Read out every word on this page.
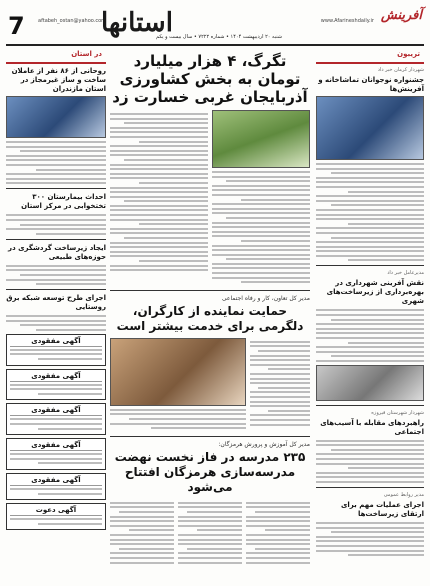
7	aftabeh_ostan@yahoo.com
استانها	www.Afarineshdaily.ir آفرینش
شنبه ۲۰ اردیبهشت ۱۴۰۴ • شماره ۷۲۲۲ • سال بیست و یکم
تریبون
شهردار کرمان خبر داد
جشنواره نوجوانان تماشاخانه و آفرینش‌ها
مدیرعامل خبر داد
نقش آفرینی شهرداری در بهره‌برداری از زیرساخت‌های شهری
شهردار شهرستان فیروزه
راهبردهای مقابله با آسیب‌های اجتماعی
مدیر روابط عمومی
اجرای عملیات مهم برای ارتقای زیرساخت‌ها
تگرگ، ۴ هزار میلیارد تومان به بخش کشاورزی آذربایجان غربی خسارت زد
مدیر کل تعاون، کار و رفاه اجتماعی
حمایت نماینده از کارگران، دلگرمی برای خدمت بیشتر است
مدیر کل آموزش و پرورش هرمزگان:
۲۳۵ مدرسه در فاز نخست نهضت مدرسه‌سازی هرمزگان افتتاح می‌شود
در استان
روحانی از ۸۶ نفر از عاملان ساخت و ساز غیرمجاز در استان مازندران
احداث بیمارستان ۳۰۰ تختخوابی در مرکز استان
ایجاد زیرساخت گردشگری در حوزه‌های طبیعی
اجرای طرح توسعه شبکه برق روستایی
آگهی مفقودی
آگهی مفقودی
آگهی مفقودی
آگهی مفقودی
آگهی مفقودی
آگهی دعوت
